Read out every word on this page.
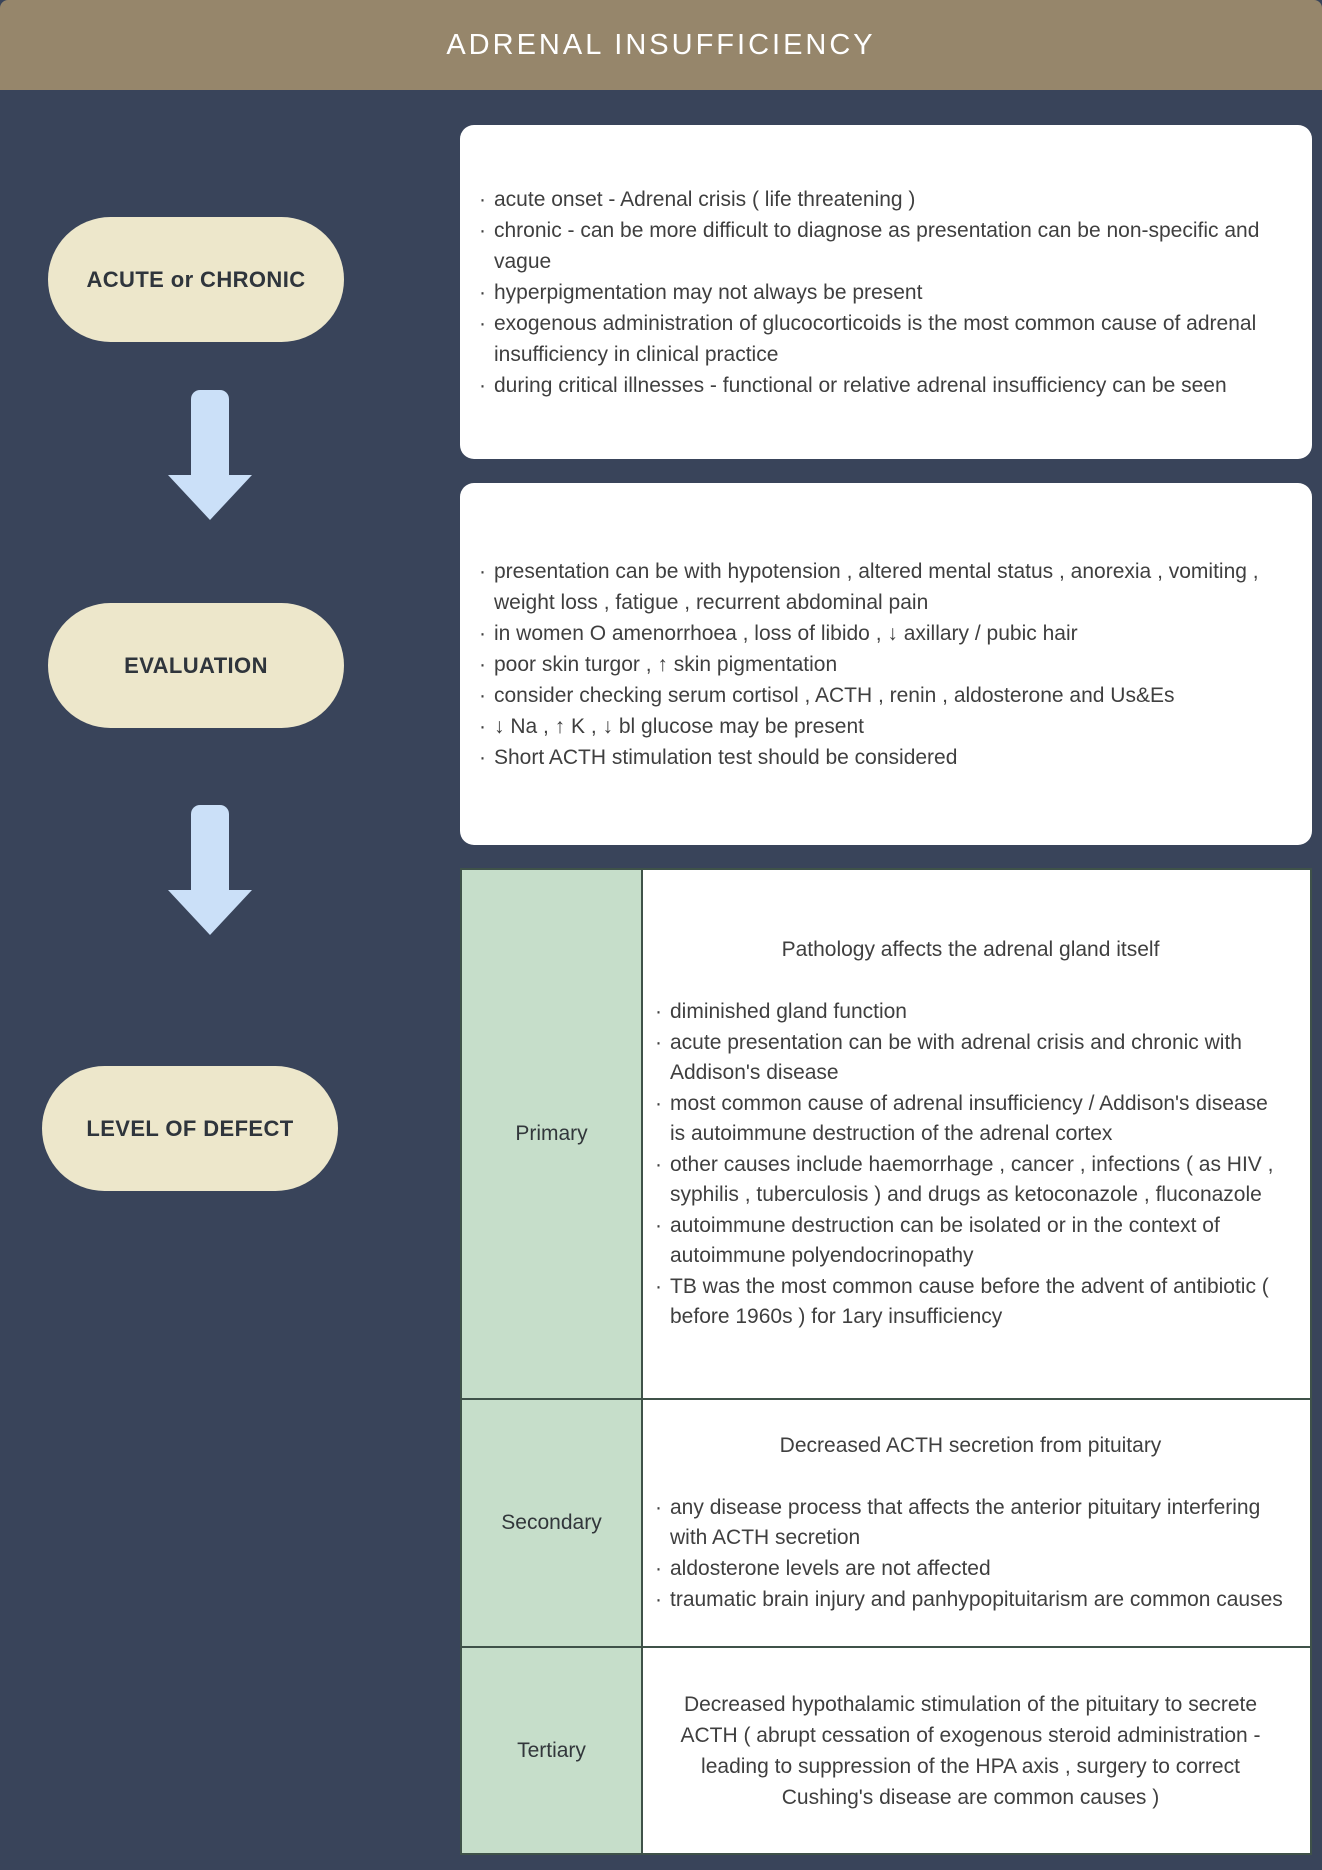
ADRENAL INSUFFICIENCY
ACUTE or CHRONIC
EVALUATION
LEVEL OF DEFECT
· acute onset - Adrenal crisis ( life threatening )
· chronic - can be more difficult to diagnose as presentation can be non-specific and vague
· hyperpigmentation may not always be present
· exogenous administration of glucocorticoids is the most common cause of adrenal insufficiency in clinical practice
· during critical illnesses - functional or relative adrenal insufficiency can be seen
· presentation can be with hypotension , altered mental status , anorexia , vomiting , weight loss , fatigue , recurrent abdominal pain
· in women O amenorrhoea , loss of libido , ↓ axillary / pubic hair
· poor skin turgor , ↑ skin pigmentation
· consider checking serum cortisol , ACTH , renin , aldosterone and Us&Es
· ↓ Na , ↑ K , ↓ bl glucose may be present
· Short ACTH stimulation test should be considered
Primary
Pathology affects the adrenal gland itself
· diminished gland function
· acute presentation can be with adrenal crisis and chronic with Addison's disease
· most common cause of adrenal insufficiency / Addison's disease is autoimmune destruction of the adrenal cortex
· other causes include haemorrhage , cancer , infections ( as HIV , syphilis , tuberculosis ) and drugs as ketoconazole , fluconazole
· autoimmune destruction can be isolated or in the context of autoimmune polyendocrinopathy
· TB was the most common cause before the advent of antibiotic ( before 1960s ) for 1ary insufficiency
Secondary
Decreased ACTH secretion from pituitary
· any disease process that affects the anterior pituitary interfering with ACTH secretion
· aldosterone levels are not affected
· traumatic brain injury and panhypopituitarism are common causes
Tertiary
Decreased hypothalamic stimulation of the pituitary to secrete ACTH ( abrupt cessation of exogenous steroid administration -leading to suppression of the HPA axis , surgery to correct Cushing's disease are common causes )
